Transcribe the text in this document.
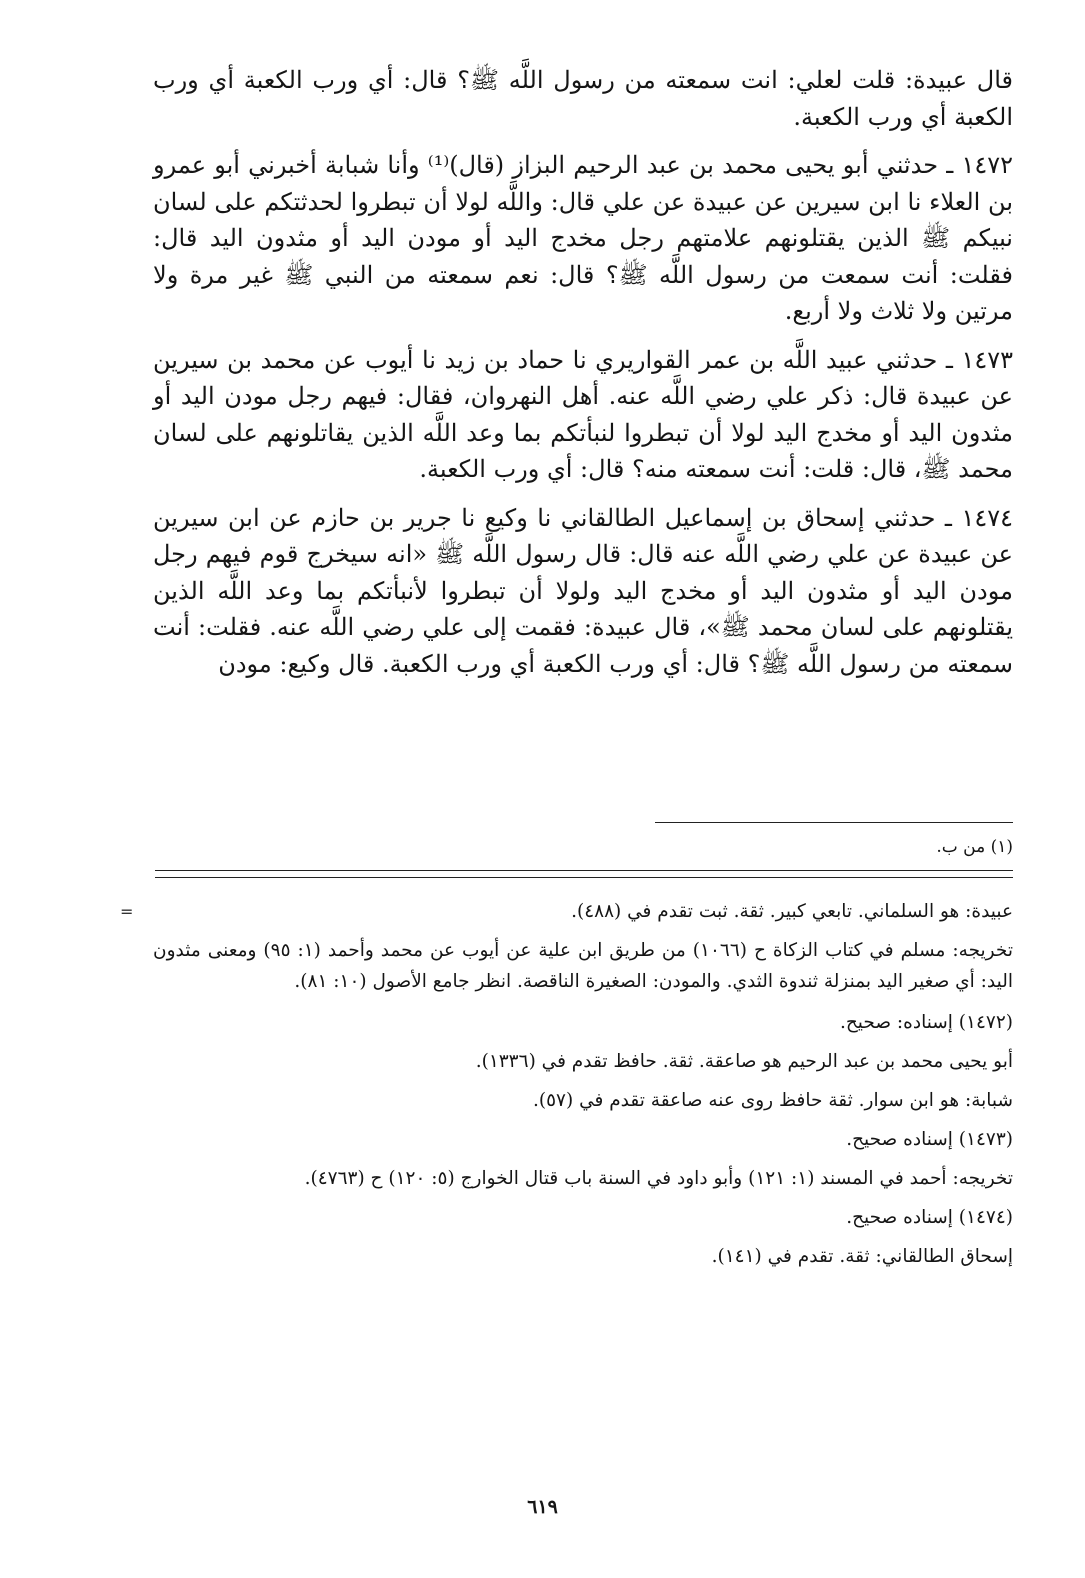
قال عبيدة: قلت لعلي: انت سمعته من رسول اللَّه ﷺ؟ قال: أي ورب الكعبة أي ورب الكعبة أي ورب الكعبة.

١٤٧٢ ـ حدثني أبو يحيى محمد بن عبد الرحيم البزاز (قال)⁽¹⁾ وأنا شبابة أخبرني أبو عمرو بن العلاء نا ابن سيرين عن عبيدة عن علي قال: واللَّه لولا أن تبطروا لحدثتكم على لسان نبيكم ﷺ الذين يقتلونهم علامتهم رجل مخدج اليد أو مودن اليد أو مثدون اليد قال: فقلت: أنت سمعت من رسول اللَّه ﷺ؟ قال: نعم سمعته من النبي ﷺ غير مرة ولا مرتين ولا ثلاث ولا أربع.

١٤٧٣ ـ حدثني عبيد اللَّه بن عمر القواريري نا حماد بن زيد نا أيوب عن محمد بن سيرين عن عبيدة قال: ذكر علي رضي اللَّه عنه. أهل النهروان، فقال: فيهم رجل مودن اليد أو مثدون اليد أو مخدج اليد لولا أن تبطروا لنبأتكم بما وعد اللَّه الذين يقاتلونهم على لسان محمد ﷺ، قال: قلت: أنت سمعته منه؟ قال: أي ورب الكعبة.

١٤٧٤ ـ حدثني إسحاق بن إسماعيل الطالقاني نا وكيع نا جرير بن حازم عن ابن سيرين عن عبيدة عن علي رضي اللَّه عنه قال: قال رسول اللَّه ﷺ «انه سيخرج قوم فيهم رجل مودن اليد أو مثدون اليد أو مخدج اليد ولولا أن تبطروا لأنبأتكم بما وعد اللَّه الذين يقتلونهم على لسان محمد ﷺ»، قال عبيدة: فقمت إلى علي رضي اللَّه عنه. فقلت: أنت سمعته من رسول اللَّه ﷺ؟ قال: أي ورب الكعبة أي ورب الكعبة. قال وكيع: مودن

(١) من ب.
=	عبيدة: هو السلماني. تابعي كبير. ثقة. ثبت تقدم في (٤٨٨).
تخريجه: مسلم في كتاب الزكاة ح (١٠٦٦) من طريق ابن علية عن أيوب عن محمد وأحمد (١: ٩٥) ومعنى مثدون اليد: أي صغير اليد بمنزلة ثندوة الثدي. والمودن: الصغيرة الناقصة. انظر جامع الأصول (١٠: ٨١).
(١٤٧٢) إسناده: صحيح.
أبو يحيى محمد بن عبد الرحيم هو صاعقة. ثقة. حافظ تقدم في (١٣٣٦).
شبابة: هو ابن سوار. ثقة حافظ روى عنه صاعقة تقدم في (٥٧).
(١٤٧٣) إسناده صحيح.
تخريجه: أحمد في المسند (١: ١٢١) وأبو داود في السنة باب قتال الخوارج (٥: ١٢٠) ح (٤٧٦٣).
(١٤٧٤) إسناده صحيح.
إسحاق الطالقاني: ثقة. تقدم في (١٤١).
٦١٩
